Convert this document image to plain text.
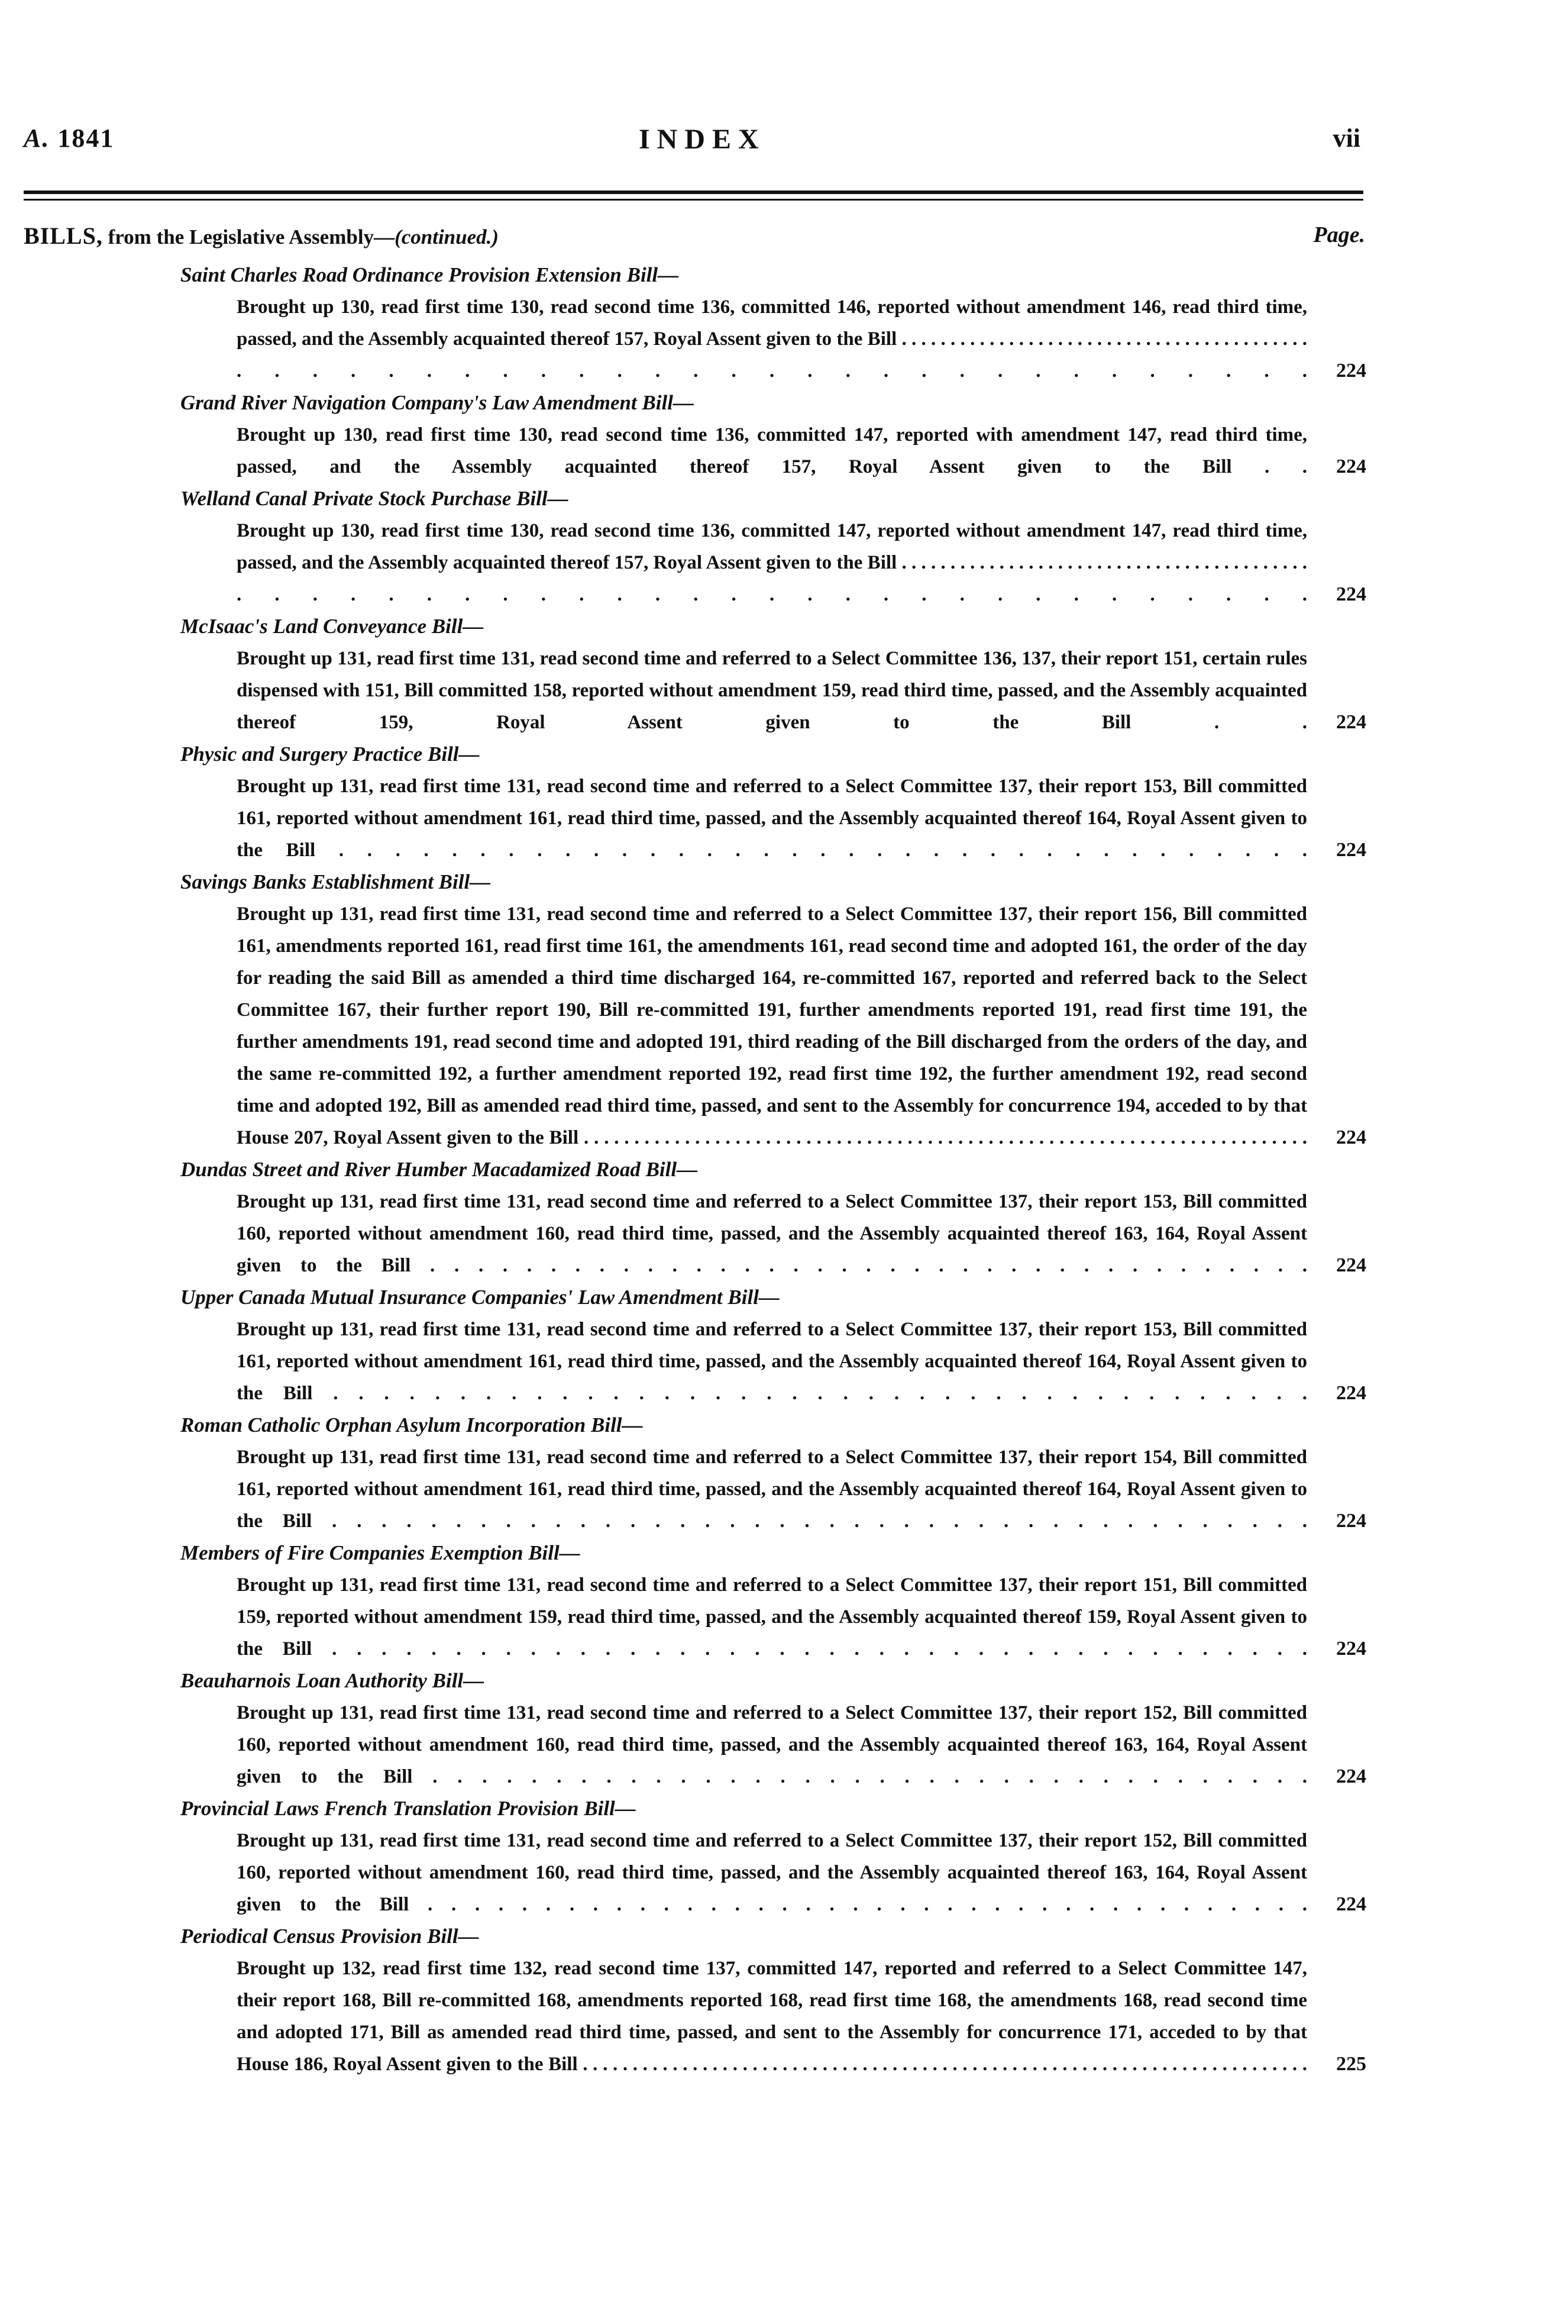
A. 1841	INDEX	vii
BILLS, from the Legislative Assembly—(continued.)	Page.
Saint Charles Road Ordinance Provision Extension Bill—
Brought up 130, read first time 130, read second time 136, committed 146, reported without amendment 146, read third time, passed, and the Assembly acquainted thereof 157, Royal Assent given to the Bill . . . . . . . . . . . . . . . . . . . . . . . . . . . . . . . . . . . . . . . . . . . . . . . . . . . . . . . . . . . . . . . . . . . . . . .	224
Grand River Navigation Company's Law Amendment Bill—
Brought up 130, read first time 130, read second time 136, committed 147, reported with amendment 147, read third time, passed, and the Assembly acquainted thereof 157, Royal Assent given to the Bill . .	224
Welland Canal Private Stock Purchase Bill—
Brought up 130, read first time 130, read second time 136, committed 147, reported without amendment 147, read third time, passed, and the Assembly acquainted thereof 157, Royal Assent given to the Bill . . . . . . . . . . . . . . . . . . . . . . . . . . . . . . . . . . . . . . . . . . . . . . . . . . . . . . . . . . . . . . . . . . . . . . .	224
McIsaac's Land Conveyance Bill—
Brought up 131, read first time 131, read second time and referred to a Select Committee 136, 137, their report 151, certain rules dispensed with 151, Bill committed 158, reported without amendment 159, read third time, passed, and the Assembly acquainted thereof 159, Royal Assent given to the Bill . .	224
Physic and Surgery Practice Bill—
Brought up 131, read first time 131, read second time and referred to a Select Committee 137, their report 153, Bill committed 161, reported without amendment 161, read third time, passed, and the Assembly acquainted thereof 164, Royal Assent given to the Bill . . . . . . . . . . . . . . . . . . . . . . . . . . . . . . . . . . .	224
Savings Banks Establishment Bill—
Brought up 131, read first time 131, read second time and referred to a Select Committee 137, their report 156, Bill committed 161, amendments reported 161, read first time 161, the amendments 161, read second time and adopted 161, the order of the day for reading the said Bill as amended a third time discharged 164, re-committed 167, reported and referred back to the Select Committee 167, their further report 190, Bill re-committed 191, further amendments reported 191, read first time 191, the further amendments 191, read second time and adopted 191, third reading of the Bill discharged from the orders of the day, and the same re-committed 192, a further amendment reported 192, read first time 192, the further amendment 192, read second time and adopted 192, Bill as amended read third time, passed, and sent to the Assembly for concurrence 194, acceded to by that House 207, Royal Assent given to the Bill . . . . . . . . . . . . . . . . . . . . . . . . . . . . . . . . . . . . . . . . . . . . . . . . . . . . . . . . . . . . . . . . . . . . . . . .	224
Dundas Street and River Humber Macadamized Road Bill—
Brought up 131, read first time 131, read second time and referred to a Select Committee 137, their report 153, Bill committed 160, reported without amendment 160, read third time, passed, and the Assembly acquainted thereof 163, 164, Royal Assent given to the Bill . . . . . . . . . . . . . . . . . . . . . . . . . . . . . . . . . . . . .	224
Upper Canada Mutual Insurance Companies' Law Amendment Bill—
Brought up 131, read first time 131, read second time and referred to a Select Committee 137, their report 153, Bill committed 161, reported without amendment 161, read third time, passed, and the Assembly acquainted thereof 164, Royal Assent given to the Bill . . . . . . . . . . . . . . . . . . . . . . . . . . . . . . . . . . . . . . .	224
Roman Catholic Orphan Asylum Incorporation Bill—
Brought up 131, read first time 131, read second time and referred to a Select Committee 137, their report 154, Bill committed 161, reported without amendment 161, read third time, passed, and the Assembly acquainted thereof 164, Royal Assent given to the Bill . . . . . . . . . . . . . . . . . . . . . . . . . . . . . . . . . . . . . . . .	224
Members of Fire Companies Exemption Bill—
Brought up 131, read first time 131, read second time and referred to a Select Committee 137, their report 151, Bill committed 159, reported without amendment 159, read third time, passed, and the Assembly acquainted thereof 159, Royal Assent given to the Bill . . . . . . . . . . . . . . . . . . . . . . . . . . . . . . . . . . . . . . . .	224
Beauharnois Loan Authority Bill—
Brought up 131, read first time 131, read second time and referred to a Select Committee 137, their report 152, Bill committed 160, reported without amendment 160, read third time, passed, and the Assembly acquainted thereof 163, 164, Royal Assent given to the Bill . . . . . . . . . . . . . . . . . . . . . . . . . . . . . . . . . . . .	224
Provincial Laws French Translation Provision Bill—
Brought up 131, read first time 131, read second time and referred to a Select Committee 137, their report 152, Bill committed 160, reported without amendment 160, read third time, passed, and the Assembly acquainted thereof 163, 164, Royal Assent given to the Bill . . . . . . . . . . . . . . . . . . . . . . . . . . . . . . . . . . . . . .	224
Periodical Census Provision Bill—
Brought up 132, read first time 132, read second time 137, committed 147, reported and referred to a Select Committee 147, their report 168, Bill re-committed 168, amendments reported 168, read first time 168, the amendments 168, read second time and adopted 171, Bill as amended read third time, passed, and sent to the Assembly for concurrence 171, acceded to by that House 186, Royal Assent given to the Bill . . . . . . . . . . . . . . . . . . . . . . . . . . . . . . . . . . . . . . . . . . . . . . . . . . . . . . . . . . . . . . . . . . . . . . . . .	225
